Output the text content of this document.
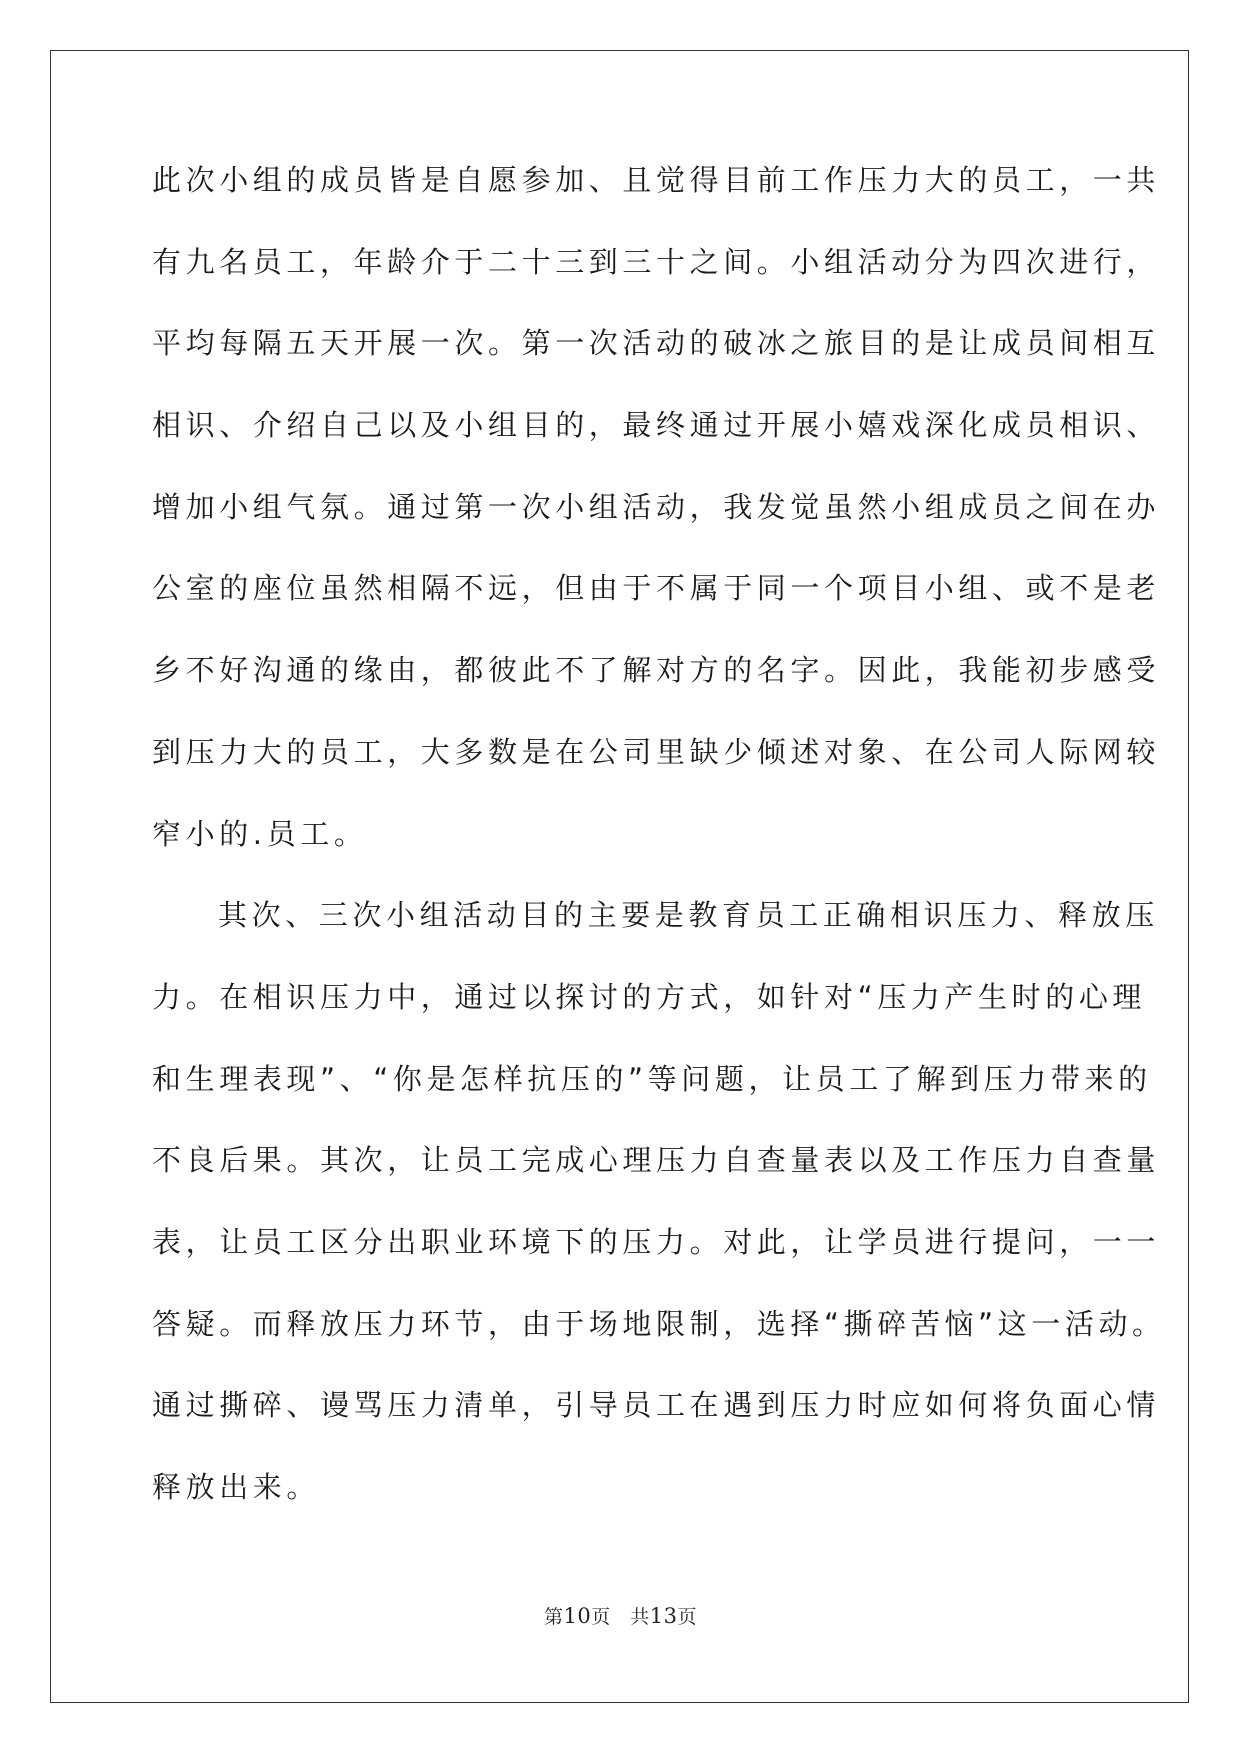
此次小组的成员皆是自愿参加、且觉得目前工作压力大的员工，一共
有九名员工，年龄介于二十三到三十之间。小组活动分为四次进行，
平均每隔五天开展一次。第一次活动的破冰之旅目的是让成员间相互
相识、介绍自己以及小组目的，最终通过开展小嬉戏深化成员相识、
增加小组气氛。通过第一次小组活动，我发觉虽然小组成员之间在办
公室的座位虽然相隔不远，但由于不属于同一个项目小组、或不是老
乡不好沟通的缘由，都彼此不了解对方的名字。因此，我能初步感受
到压力大的员工，大多数是在公司里缺少倾述对象、在公司人际网较
窄小的.员工。
其次、三次小组活动目的主要是教育员工正确相识压力、释放压
力。在相识压力中，通过以探讨的方式，如针对“压力产生时的心理
和生理表现”、“你是怎样抗压的”等问题，让员工了解到压力带来的
不良后果。其次，让员工完成心理压力自查量表以及工作压力自查量
表，让员工区分出职业环境下的压力。对此，让学员进行提问，一一
答疑。而释放压力环节，由于场地限制，选择“撕碎苦恼”这一活动。
通过撕碎、谩骂压力清单，引导员工在遇到压力时应如何将负面心情
释放出来。
第10页　共13页
